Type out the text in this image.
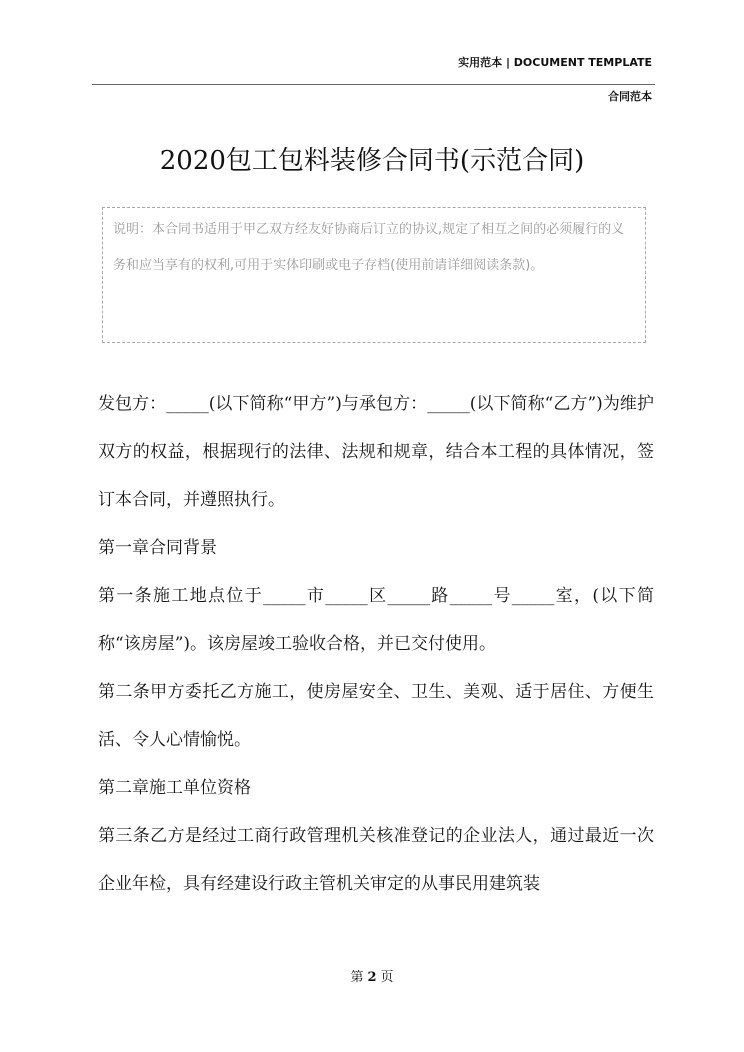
实用范本 | DOCUMENT TEMPLATE
合同范本
2020包工包料装修合同书(示范合同)
说明：本合同书适用于甲乙双方经友好协商后订立的协议,规定了相互之间的必须履行的义务和应当享有的权利,可用于实体印刷或电子存档(使用前请详细阅读条款)。

发包方：_____(以下简称“甲方”)与承包方：_____(以下简称“乙方”)为维护双方的权益，根据现行的法律、法规和规章，结合本工程的具体情况，签订本合同，并遵照执行。

第一章合同背景

第一条施工地点位于_____市_____区_____路_____号_____室，(以下简称“该房屋”)。该房屋竣工验收合格，并已交付使用。

第二条甲方委托乙方施工，使房屋安全、卫生、美观、适于居住、方便生活、令人心情愉悦。

第二章施工单位资格

第三条乙方是经过工商行政管理机关核准登记的企业法人，通过最近一次企业年检，具有经建设行政主管机关审定的从事民用建筑装

第 2 页
